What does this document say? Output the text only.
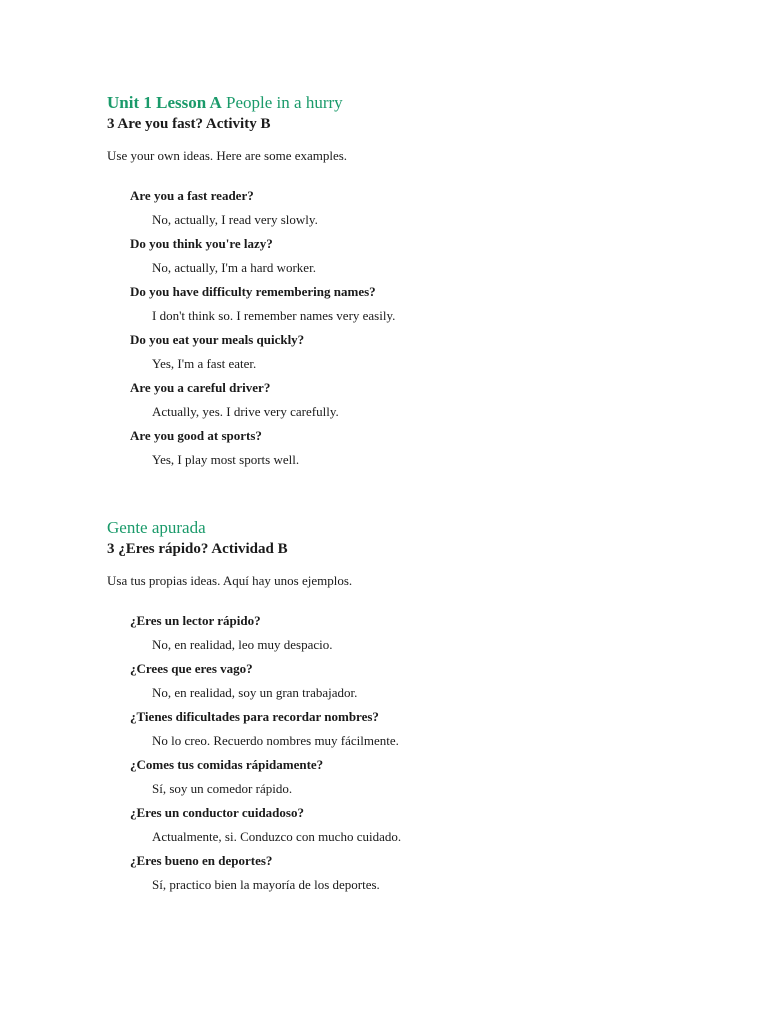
Unit 1 Lesson A People in a hurry
3 Are you fast? Activity B

Use your own ideas. Here are some examples.

Are you a fast reader?

No, actually, I read very slowly.

Do you think you're lazy?

No, actually, I'm a hard worker.

Do you have difficulty remembering names?

I don't think so. I remember names very easily.

Do you eat your meals quickly?

Yes, I'm a fast eater.

Are you a careful driver?

Actually, yes. I drive very carefully.

Are you good at sports?

Yes, I play most sports well.

Gente apurada
3 ¿Eres rápido? Actividad B

Usa tus propias ideas. Aquí hay unos ejemplos.

¿Eres un lector rápido?

No, en realidad, leo muy despacio.

¿Crees que eres vago?

No, en realidad, soy un gran trabajador.

¿Tienes dificultades para recordar nombres?

No lo creo. Recuerdo nombres muy fácilmente.

¿Comes tus comidas rápidamente?

Sí, soy un comedor rápido.

¿Eres un conductor cuidadoso?

Actualmente, si. Conduzco con mucho cuidado.

¿Eres bueno en deportes?

Sí, practico bien la mayoría de los deportes.
